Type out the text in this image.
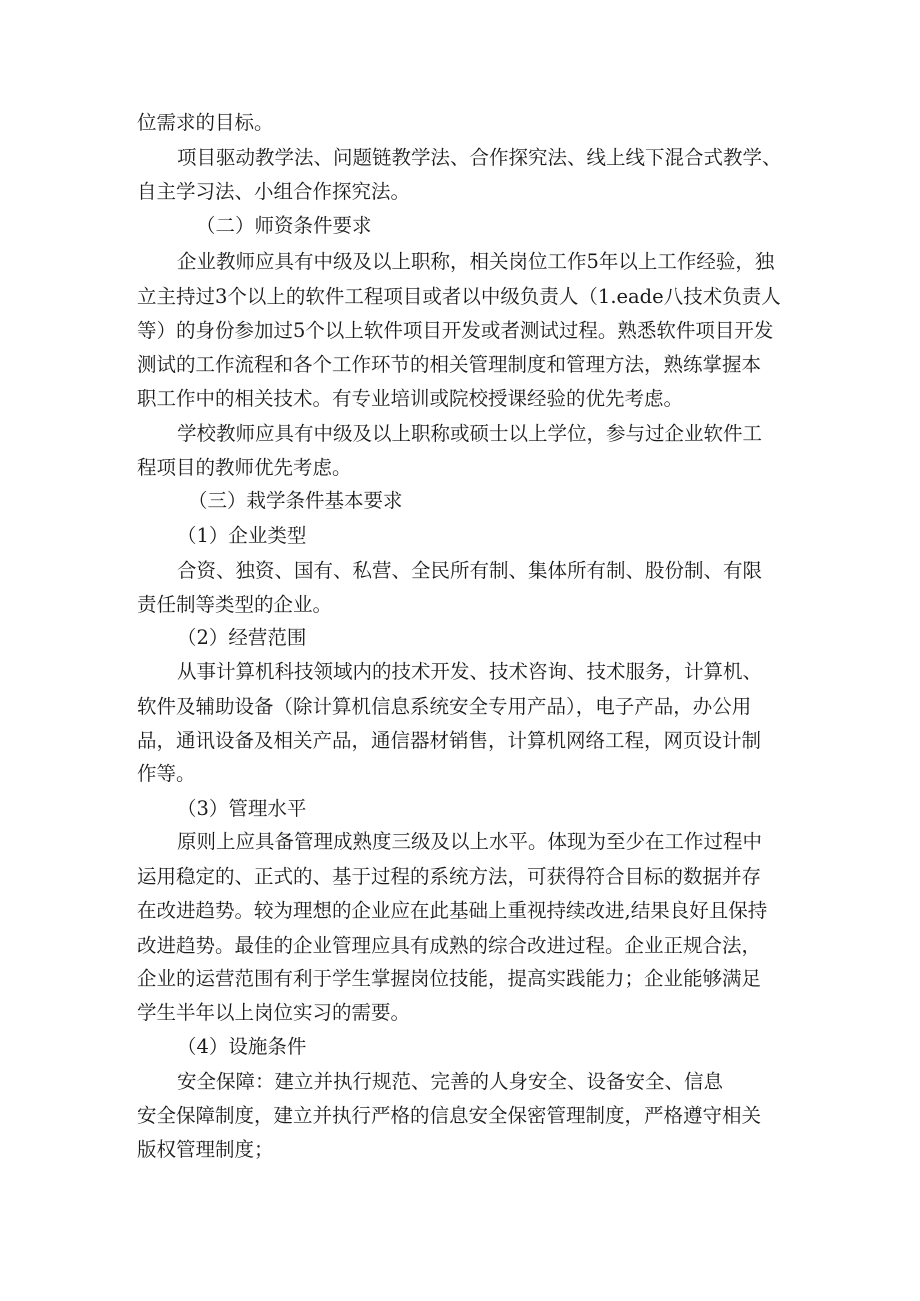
位需求的目标。
项目驱动教学法、问题链教学法、合作探究法、线上线下混合式教学、
自主学习法、小组合作探究法。
（二）师资条件要求
企业教师应具有中级及以上职称，相关岗位工作5年以上工作经验，独
立主持过3个以上的软件工程项目或者以中级负责人（1.eade八技术负责人
等）的身份参加过5个以上软件项目开发或者测试过程。熟悉软件项目开发
测试的工作流程和各个工作环节的相关管理制度和管理方法，熟练掌握本
职工作中的相关技术。有专业培训或院校授课经验的优先考虑。
学校教师应具有中级及以上职称或硕士以上学位，参与过企业软件工
程项目的教师优先考虑。
（三）栽学条件基本要求
（1）企业类型
合资、独资、国有、私营、全民所有制、集体所有制、股份制、有限
责任制等类型的企业。
（2）经营范围
从事计算机科技领域内的技术开发、技术咨询、技术服务，计算机、
软件及辅助设备（除计算机信息系统安全专用产品），电子产品，办公用
品，通讯设备及相关产品，通信器材销售，计算机网络工程，网页设计制
作等。
（3）管理水平
原则上应具备管理成熟度三级及以上水平。体现为至少在工作过程中
运用稳定的、正式的、基于过程的系统方法，可获得符合目标的数据并存
在改进趋势。较为理想的企业应在此基础上重视持续改进,结果良好且保持
改进趋势。最佳的企业管理应具有成熟的综合改进过程。企业正规合法，
企业的运营范围有利于学生掌握岗位技能，提高实践能力；企业能够满足
学生半年以上岗位实习的需要。
（4）设施条件
安全保障：建立并执行规范、完善的人身安全、设备安全、信息
安全保障制度，建立并执行严格的信息安全保密管理制度，严格遵守相关
版权管理制度；
